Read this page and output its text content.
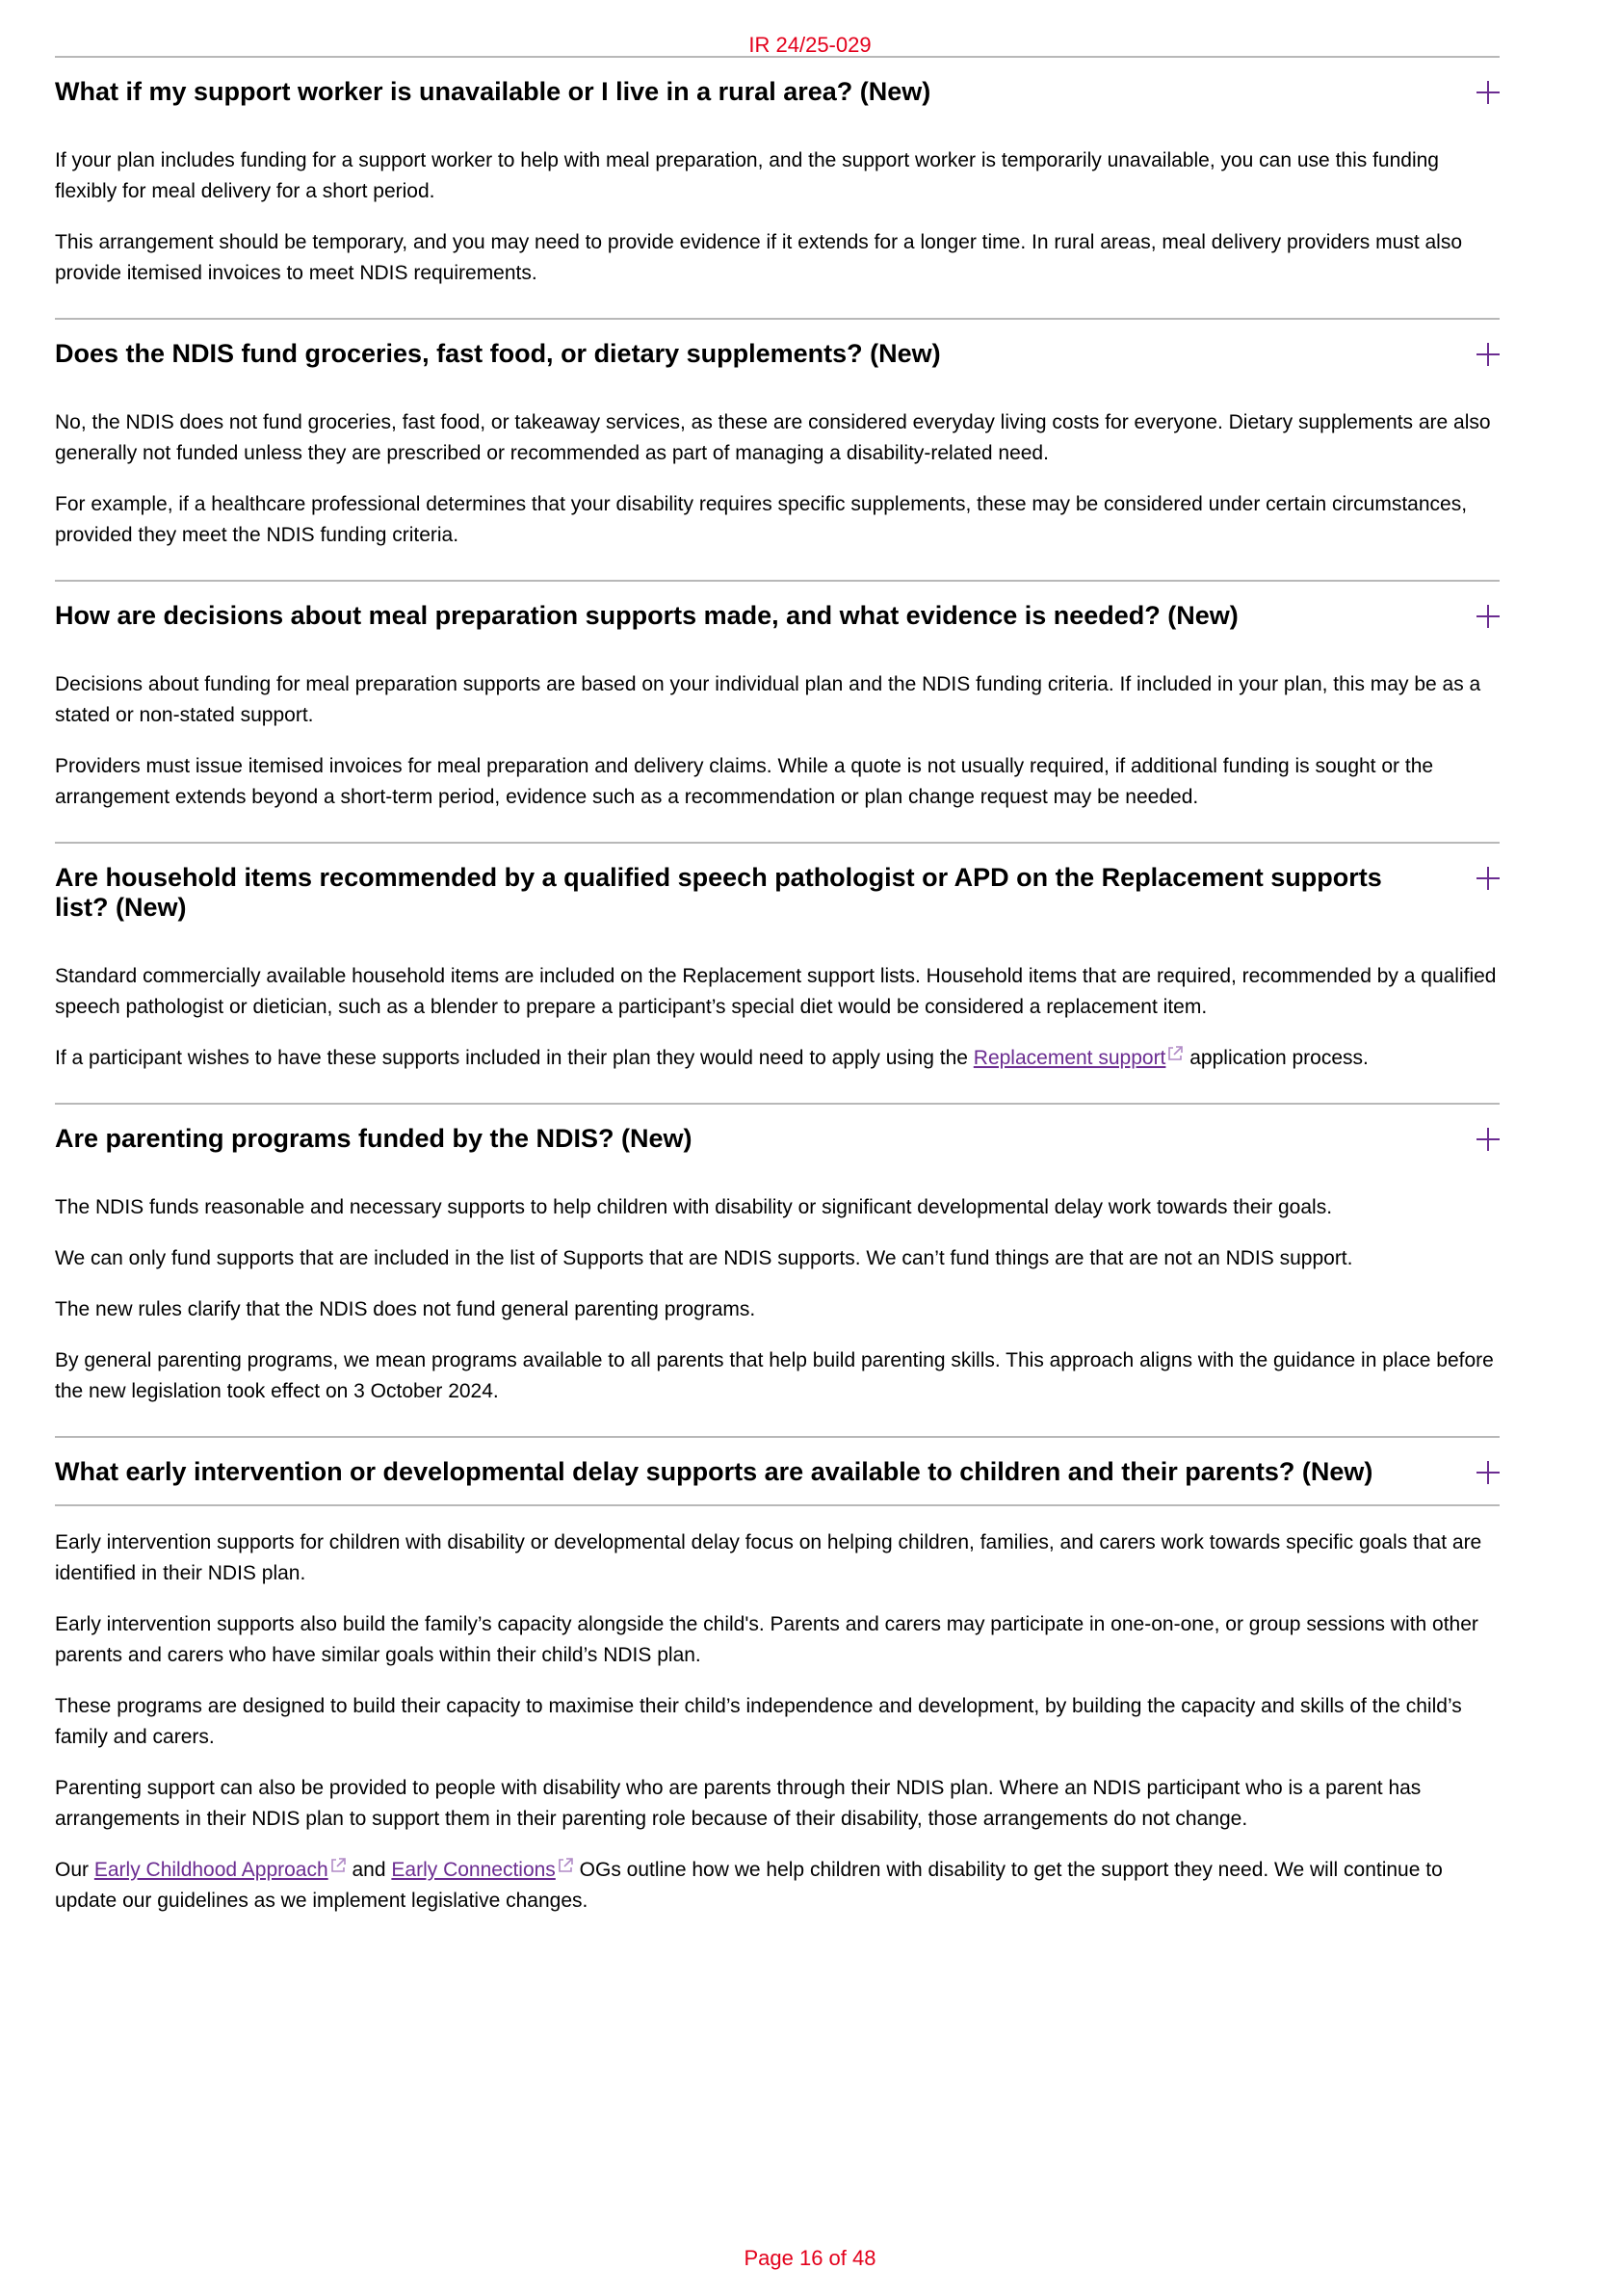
IR 24/25-029
What if my support worker is unavailable or I live in a rural area? (New)

If your plan includes funding for a support worker to help with meal preparation, and the support worker is temporarily unavailable, you can use this funding flexibly for meal delivery for a short period.

This arrangement should be temporary, and you may need to provide evidence if it extends for a longer time. In rural areas, meal delivery providers must also provide itemised invoices to meet NDIS requirements.

Does the NDIS fund groceries, fast food, or dietary supplements? (New)

No, the NDIS does not fund groceries, fast food, or takeaway services, as these are considered everyday living costs for everyone. Dietary supplements are also generally not funded unless they are prescribed or recommended as part of managing a disability-related need.

For example, if a healthcare professional determines that your disability requires specific supplements, these may be considered under certain circumstances, provided they meet the NDIS funding criteria.

How are decisions about meal preparation supports made, and what evidence is needed? (New)

Decisions about funding for meal preparation supports are based on your individual plan and the NDIS funding criteria. If included in your plan, this may be as a stated or non-stated support.

Providers must issue itemised invoices for meal preparation and delivery claims. While a quote is not usually required, if additional funding is sought or the arrangement extends beyond a short-term period, evidence such as a recommendation or plan change request may be needed.

Are household items recommended by a qualified speech pathologist or APD on the Replacement supports list? (New)

Standard commercially available household items are included on the Replacement support lists. Household items that are required, recommended by a qualified speech pathologist or dietician, such as a blender to prepare a participant’s special diet would be considered a replacement item.

If a participant wishes to have these supports included in their plan they would need to apply using the Replacement support application process.

Are parenting programs funded by the NDIS? (New)

The NDIS funds reasonable and necessary supports to help children with disability or significant developmental delay work towards their goals.

We can only fund supports that are included in the list of Supports that are NDIS supports. We can’t fund things are that are not an NDIS support.

The new rules clarify that the NDIS does not fund general parenting programs.

By general parenting programs, we mean programs available to all parents that help build parenting skills. This approach aligns with the guidance in place before the new legislation took effect on 3 October 2024.

What early intervention or developmental delay supports are available to children and their parents? (New)

Early intervention supports for children with disability or developmental delay focus on helping children, families, and carers work towards specific goals that are identified in their NDIS plan.

Early intervention supports also build the family’s capacity alongside the child's. Parents and carers may participate in one-on-one, or group sessions with other parents and carers who have similar goals within their child’s NDIS plan.

These programs are designed to build their capacity to maximise their child’s independence and development, by building the capacity and skills of the child’s family and carers.

Parenting support can also be provided to people with disability who are parents through their NDIS plan. Where an NDIS participant who is a parent has arrangements in their NDIS plan to support them in their parenting role because of their disability, those arrangements do not change.

Our Early Childhood Approach and Early Connections OGs outline how we help children with disability to get the support they need. We will continue to update our guidelines as we implement legislative changes.

Page 16 of 48
